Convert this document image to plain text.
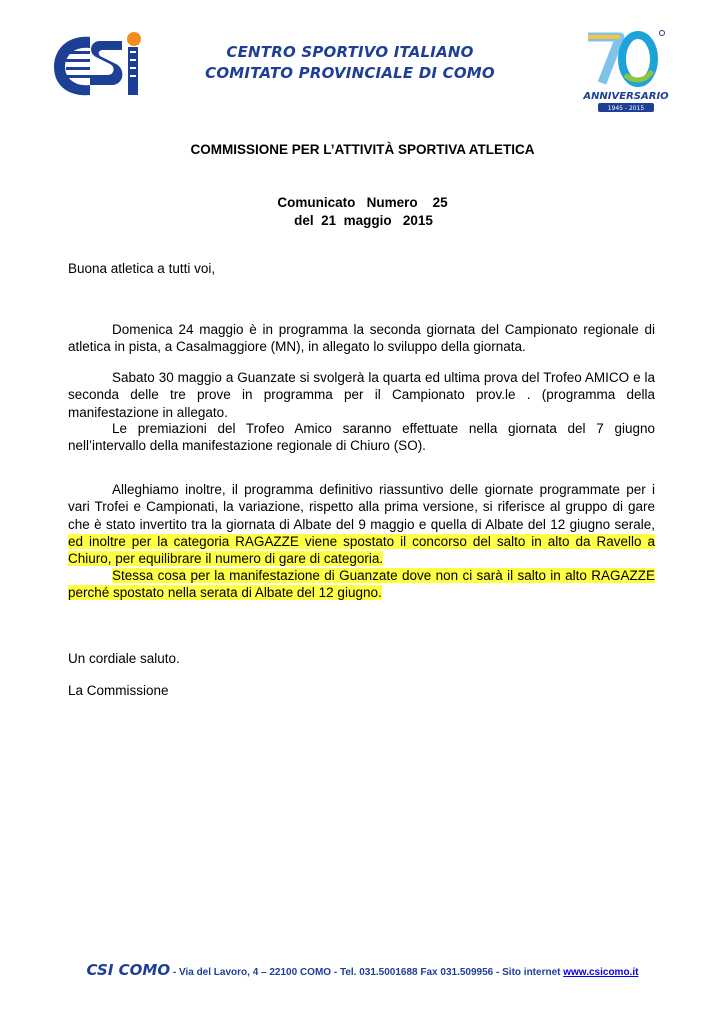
CENTRO SPORTIVO ITALIANO
COMITATO PROVINCIALE DI COMO
ANNIVERSARIO
1945 - 2015
COMMISSIONE PER L’ATTIVITÀ SPORTIVA ATLETICA
Comunicato   Numero    25
del  21  maggio   2015
Buona atletica a tutti voi,
Domenica 24 maggio è in programma la seconda giornata del Campionato regionale di atletica in pista, a Casalmaggiore (MN), in allegato lo sviluppo della giornata.
Sabato 30 maggio a Guanzate si svolgerà la quarta ed ultima prova del Trofeo AMICO e la seconda delle tre prove in programma per il Campionato prov.le . (programma della manifestazione in allegato.
Le premiazioni del Trofeo Amico saranno effettuate nella giornata del 7 giugno nell’intervallo della manifestazione regionale di Chiuro (SO).
Alleghiamo inoltre, il programma definitivo riassuntivo delle giornate programmate per i vari Trofei e Campionati, la variazione, rispetto alla prima versione, si riferisce al gruppo di gare che è stato invertito tra la giornata di Albate del 9 maggio e quella di Albate del 12 giugno serale, ed inoltre per la categoria RAGAZZE viene spostato il concorso del salto in alto da Ravello a Chiuro, per equilibrare il numero di gare di categoria.
Stessa cosa per la manifestazione di Guanzate dove non ci sarà il salto in alto RAGAZZE perché spostato nella serata di Albate del 12 giugno.
Un cordiale saluto.
La Commissione
CSI COMO - Via del Lavoro, 4 – 22100 COMO - Tel. 031.5001688 Fax 031.509956 - Sito internet www.csicomo.it
